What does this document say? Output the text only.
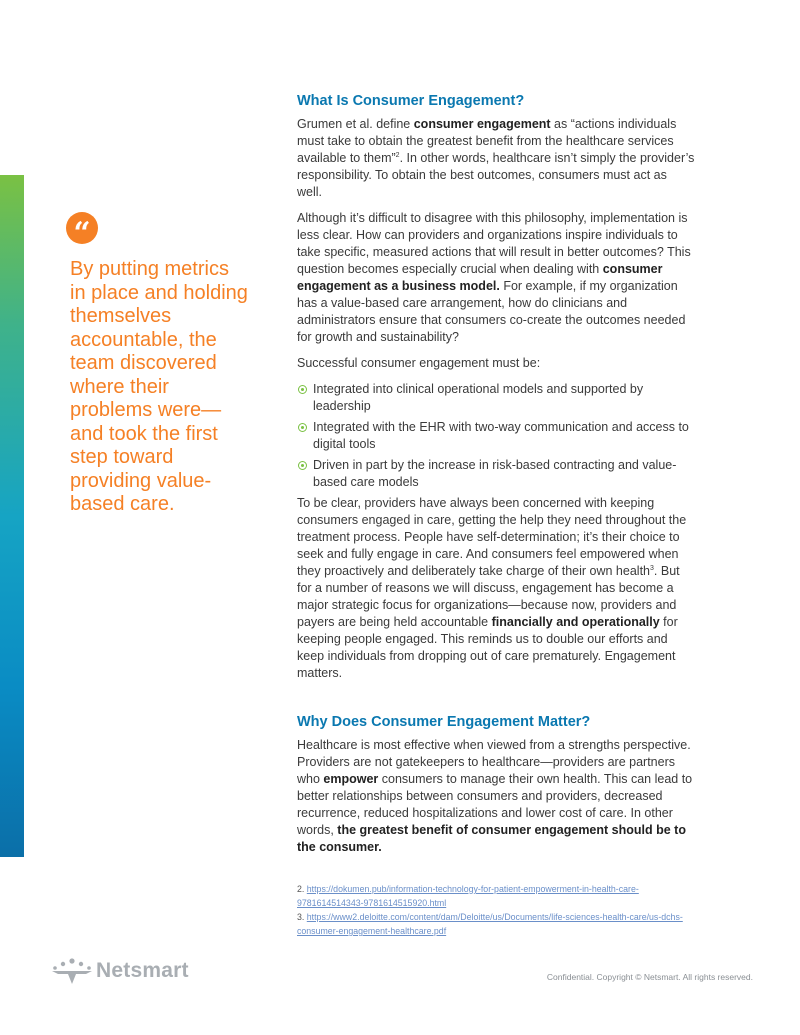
“
By putting metrics in place and holding themselves accountable, the team discovered where their problems were—and took the first step toward providing value-based care.
What Is Consumer Engagement?

Grumen et al. define consumer engagement as “actions individuals must take to obtain the greatest benefit from the healthcare services available to them”$^2$. In other words, healthcare isn’t simply the provider’s responsibility. To obtain the best outcomes, consumers must act as well.

Although it’s difficult to disagree with this philosophy, implementation is less clear. How can providers and organizations inspire individuals to take specific, measured actions that will result in better outcomes? This question becomes especially crucial when dealing with consumer engagement as a business model. For example, if my organization has a value-based care arrangement, how do clinicians and administrators ensure that consumers co-create the outcomes needed for growth and sustainability?

Successful consumer engagement must be:

Integrated into clinical operational models and supported by leadership
Integrated with the EHR with two-way communication and access to digital tools
Driven in part by the increase in risk-based contracting and value-based care models

To be clear, providers have always been concerned with keeping consumers engaged in care, getting the help they need throughout the treatment process. People have self-determination; it’s their choice to seek and fully engage in care. And consumers feel empowered when they proactively and deliberately take charge of their own health$^3$. But for a number of reasons we will discuss, engagement has become a major strategic focus for organizations—because now, providers and payers are being held accountable financially and operationally for keeping people engaged. This reminds us to double our efforts and keep individuals from dropping out of care prematurely. Engagement matters.

Why Does Consumer Engagement Matter?

Healthcare is most effective when viewed from a strengths perspective. Providers are not gatekeepers to healthcare—providers are partners who empower consumers to manage their own health. This can lead to better relationships between consumers and providers, decreased recurrence, reduced hospitalizations and lower cost of care. In other words, the greatest benefit of consumer engagement should be to the consumer.

2. https://dokumen.pub/information-technology-for-patient-empowerment-in-health-care-9781614514343-9781614515920.html

3. https://www2.deloitte.com/content/dam/Deloitte/us/Documents/life-sciences-health-care/us-dchs-consumer-engagement-healthcare.pdf

Netsmart	Confidential. Copyright © Netsmart. All rights reserved.
